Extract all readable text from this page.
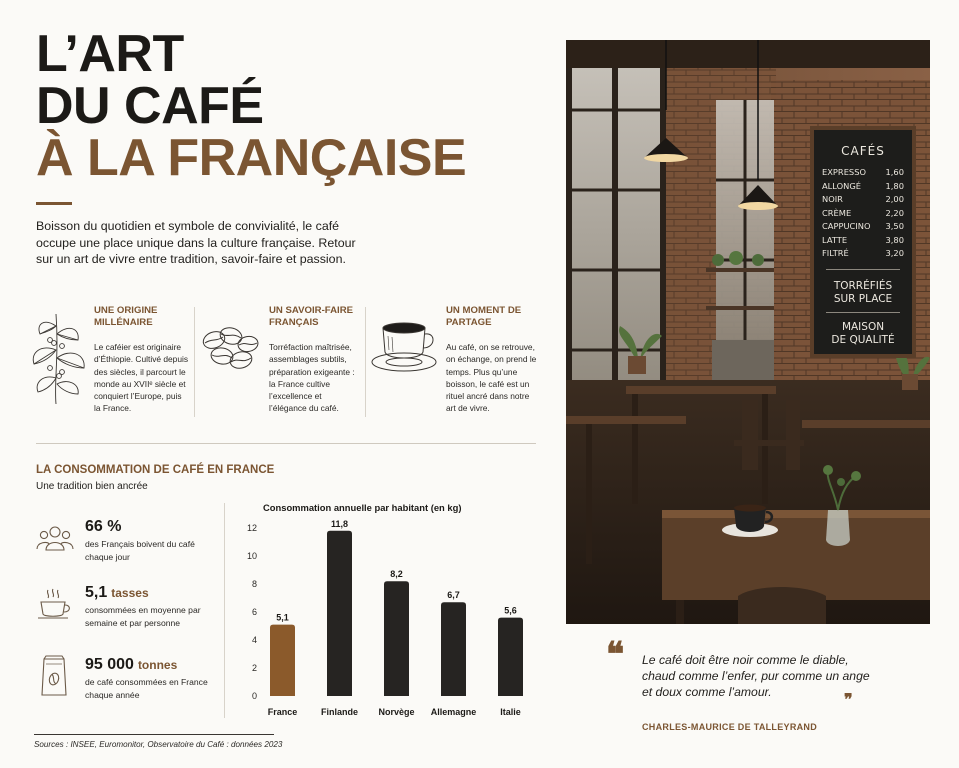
L’ART
DU CAFÉ
À LA FRANÇAISE
Boisson du quotidien et symbole de convivialité, le café occupe une place unique dans la culture française. Retour sur un art de vivre entre tradition, savoir-faire et passion.
UNE ORIGINE MILLÉNAIRE

Le caféier est originaire d’Éthiopie. Cultivé depuis des siècles, il parcourt le monde au XVIIᵉ siècle et conquiert l’Europe, puis la France.

UN SAVOIR-FAIRE FRANÇAIS

Torréfaction maîtrisée, assemblages subtils, préparation exigeante : la France cultive l’excellence et l’élégance du café.

UN MOMENT DE PARTAGE

Au café, on se retrouve, on échange, on prend le temps. Plus qu’une boisson, le café est un rituel ancré dans notre art de vivre.

LA CONSOMMATION DE CAFÉ EN FRANCE
Une tradition bien ancrée
66 %
des Français boivent du café chaque jour
5,1 tasses
consommées en moyenne par semaine et par personne
95 000 tonnes
de café consommées en France chaque année
Consommation annuelle par habitant (en kg)
0
2
4
6
8
10
12
5,1
France
11,8
Finlande
8,2
Norvège
6,7
Allemagne
5,6
Italie
Sources : INSEE, Euromonitor, Observatoire du Café : données 2023
CAFÉS
EXPRESSO 1,60
ALLONGÉ	1,80
NOIR	2,00
CRÈME	2,20
CAPPUCINO 3,50
LATTE	3,80
FILTRÉ	3,20
TORRÉFIÉS
SUR PLACE
MAISON
DE QUALITÉ
❝ Le café doit être noir comme le diable, chaud comme l’enfer, pur comme un ange et doux comme l’amour.	❞
CHARLES-MAURICE DE TALLEYRAND
